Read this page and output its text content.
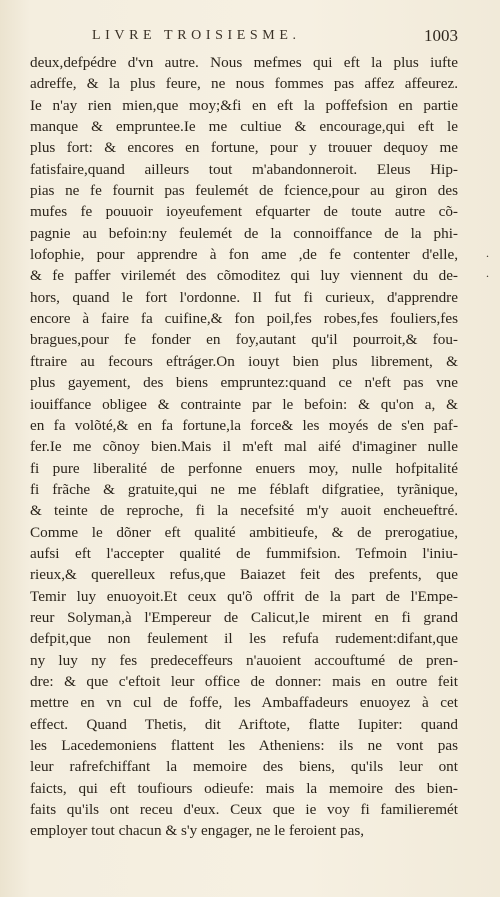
LIVRE TROISIESME.	1003
deux,defpédre d'vn autre. Nous mefmes qui eft la plus iufte
adreffe, & la plus feure, ne nous fommes pas affez affeurez.
Ie n'ay rien mien,que moy;&fi en eft la poffefsion en partie
manque & empruntee.Ie me cultiue & encourage,qui eft le
plus fort: & encores en fortune, pour y trouuer dequoy me
fatisfaire,quand ailleurs tout m'abandonneroit. Eleus Hip-
pias ne fe fournit pas feulemét de fcience,pour au giron des
mufes fe pouuoir ioyeufement efquarter de toute autre cõ-
pagnie au befoin:ny feulemét de la connoiffance de la phi-
lofophie, pour apprendre à fon ame ,de fe contenter d'elle,
& fe paffer virilemét des cõmoditez qui luy viennent du de-
hors, quand le fort l'ordonne. Il fut fi curieux, d'apprendre
encore à faire fa cuifine,& fon poil,fes robes,fes fouliers,fes
bragues,pour fe fonder en foy,autant qu'il pourroit,& fou-
ftraire au fecours eftráger.On iouyt bien plus librement, &
plus gayement, des biens empruntez:quand ce n'eft pas vne
iouiffance obligee & contrainte par le befoin: & qu'on a, &
en fa volõté,& en fa fortune,la force& les moyés de s'en paf-
fer.Ie me cõnoy bien.Mais il m'eft mal aifé d'imaginer nulle
fi pure liberalité de perfonne enuers moy, nulle hofpitalité
fi frãche & gratuite,qui ne me féblaft difgratiee, tyrãnique,
& teinte de reproche, fi la necefsité m'y auoit encheueftré.
Comme le dõner eft qualité ambitieufe, & de prerogatiue,
aufsi eft l'accepter qualité de fummifsion. Tefmoin l'iniu-
rieux,& querelleux refus,que Baiazet feit des prefents, que
Temir luy enuoyoit.Et ceux qu'õ offrit de la part de l'Empe-
reur Solyman,à l'Empereur de Calicut,le mirent en fi grand
defpit,que non feulement il les refufa rudement:difant,que
ny luy ny fes predeceffeurs n'auoient accouftumé de pren-
dre: & que c'eftoit leur office de donner: mais en outre feit
mettre en vn cul de foffe, les Ambaffadeurs enuoyez à cet
effect. Quand Thetis, dit Ariftote, flatte Iupiter: quand
les Lacedemoniens flattent les Atheniens: ils ne vont pas
leur rafrefchiffant la memoire des biens, qu'ils leur ont
faicts, qui eft toufiours odieufe: mais la memoire des bien-
faits qu'ils ont receu d'eux. Ceux que ie voy fi familieremét
employer tout chacun & s'y engager, ne le feroient pas,
.
.
